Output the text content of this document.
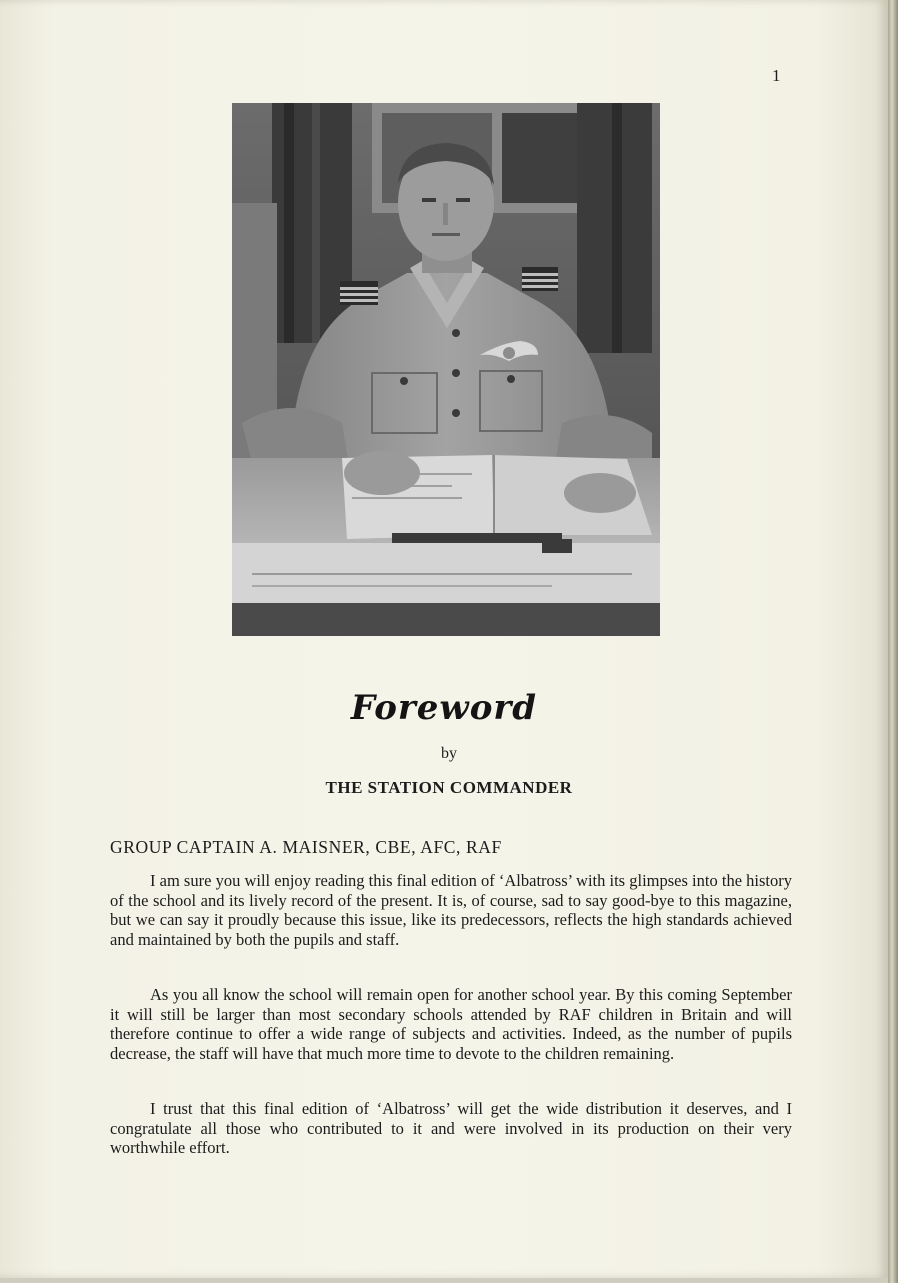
1
Foreword
by
THE STATION COMMANDER
GROUP CAPTAIN A. MAISNER, CBE, AFC, RAF
I am sure you will enjoy reading this final edition of ‘Albatross’ with its glimpses into the history of the school and its lively record of the present. It is, of course, sad to say good-bye to this magazine, but we can say it proudly because this issue, like its predecessors, reflects the high standards achieved and maintained by both the pupils and staff.
As you all know the school will remain open for another school year. By this coming September it will still be larger than most secondary schools attended by RAF children in Britain and will therefore continue to offer a wide range of subjects and activities. Indeed, as the number of pupils decrease, the staff will have that much more time to devote to the children remaining.
I trust that this final edition of ‘Albatross’ will get the wide distribution it deserves, and I congratulate all those who contributed to it and were involved in its production on their very worthwhile effort.
